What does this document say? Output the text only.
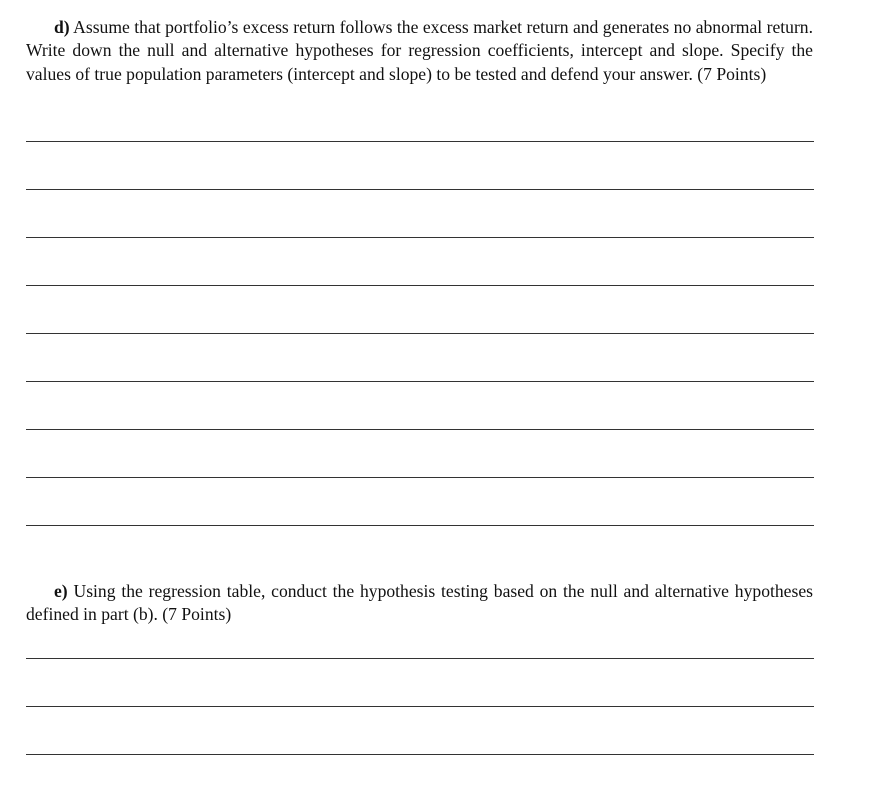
d) Assume that portfolio’s excess return follows the excess market return and generates no abnormal return. Write down the null and alternative hypotheses for regression coefficients, intercept and slope. Specify the values of true population parameters (intercept and slope) to be tested and defend your answer. (7 Points)
e) Using the regression table, conduct the hypothesis testing based on the null and alternative hypotheses defined in part (b). (7 Points)
